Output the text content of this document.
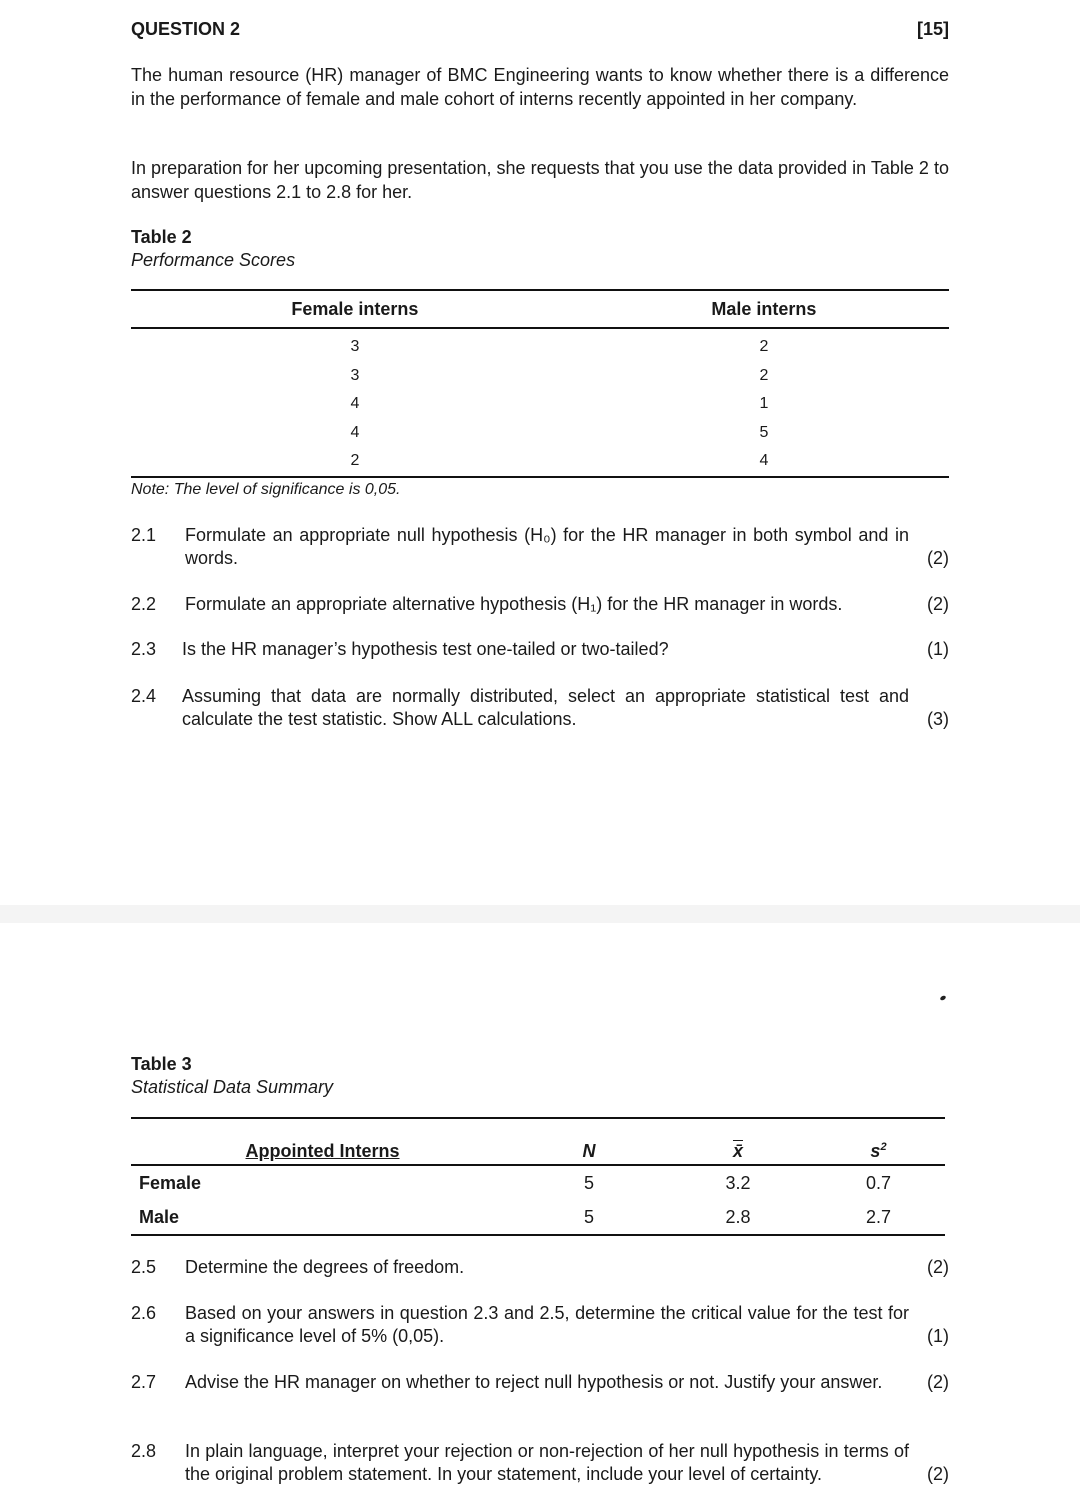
QUESTION 2	[15]
The human resource (HR) manager of BMC Engineering wants to know whether there is a difference in the performance of female and male cohort of interns recently appointed in her company.
In preparation for her upcoming presentation, she requests that you use the data provided in Table 2 to answer questions 2.1 to 2.8 for her.
Table 2
Performance Scores
Female interns	Male interns
3	2
3	2
4	1
4	5
2	4
Note: The level of significance is 0,05.
2.1 Formulate an appropriate null hypothesis (H₀) for the HR manager in both symbol and in words.	(2)
2.2 Formulate an appropriate alternative hypothesis (H₁) for the HR manager in words.	(2)
2.3 Is the HR manager’s hypothesis test one-tailed or two-tailed?	(1)
2.4 Assuming that data are normally distributed, select an appropriate statistical test and calculate the test statistic. Show ALL calculations.	(3)
Table 3
Statistical Data Summary
Appointed Interns	N	x̄	$s^2$
Female	5	3.2	0.7
Male	5	2.8	2.7
2.5 Determine the degrees of freedom.	(2)
2.6 Based on your answers in question 2.3 and 2.5, determine the critical value for the test for a significance level of 5% (0,05).	(1)
2.7 Advise the HR manager on whether to reject null hypothesis or not. Justify your answer.	(2)
2.8 In plain language, interpret your rejection or non-rejection of her null hypothesis in terms of the original problem statement. In your statement, include your level of certainty.	(2)
